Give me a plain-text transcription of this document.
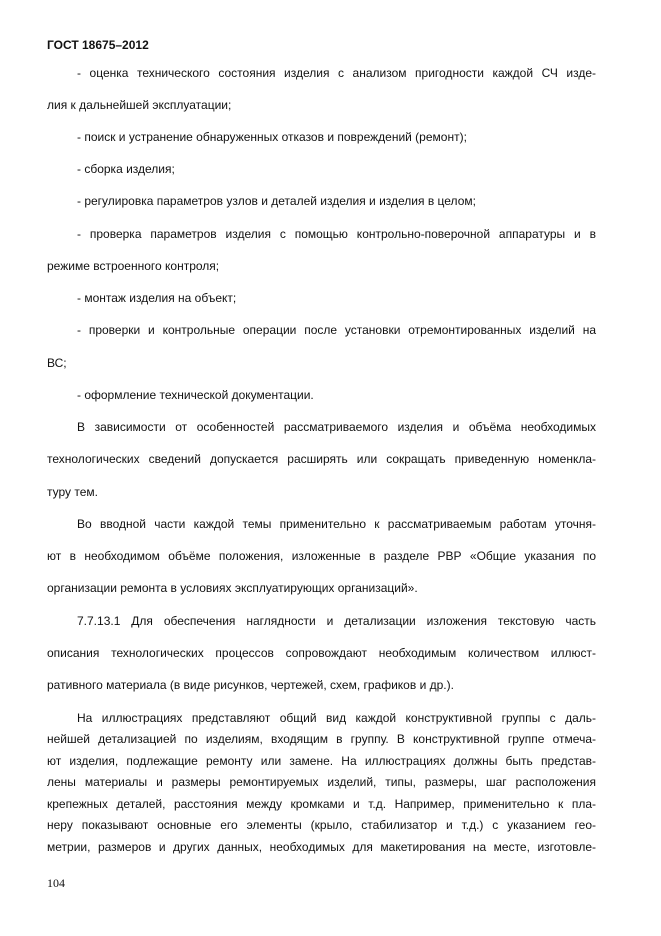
ГОСТ 18675–2012
- оценка технического состояния изделия с анализом пригодности каждой СЧ изде-
лия к дальнейшей эксплуатации;
- поиск и устранение обнаруженных отказов и повреждений (ремонт);
- сборка изделия;
- регулировка параметров узлов и деталей изделия и изделия в целом;
- проверка параметров изделия с помощью контрольно-поверочной аппаратуры и в
режиме встроенного контроля;
- монтаж изделия на объект;
- проверки и контрольные операции после установки отремонтированных изделий на
ВС;
- оформление технической документации.
В зависимости от особенностей рассматриваемого изделия и объёма необходимых
технологических сведений допускается расширять или сокращать приведенную номенкла-
туру тем.
Во вводной части каждой темы применительно к рассматриваемым работам уточня-
ют в необходимом объёме положения, изложенные в разделе РВР «Общие указания по
организации ремонта в условиях эксплуатирующих организаций».
7.7.13.1 Для обеспечения наглядности и детализации изложения текстовую часть
описания технологических процессов сопровождают необходимым количеством иллюст-
ративного материала (в виде рисунков, чертежей, схем, графиков и др.).
На иллюстрациях представляют общий вид каждой конструктивной группы с даль-
нейшей детализацией по изделиям, входящим в группу. В конструктивной группе отмеча-
ют изделия, подлежащие ремонту или замене. На иллюстрациях должны быть представ-
лены материалы и размеры ремонтируемых изделий, типы, размеры, шаг расположения
крепежных деталей, расстояния между кромками и т.д. Например, применительно к пла-
неру показывают основные его элементы (крыло, стабилизатор и т.д.) с указанием гео-
метрии, размеров и других данных, необходимых для макетирования на месте, изготовле-
104
